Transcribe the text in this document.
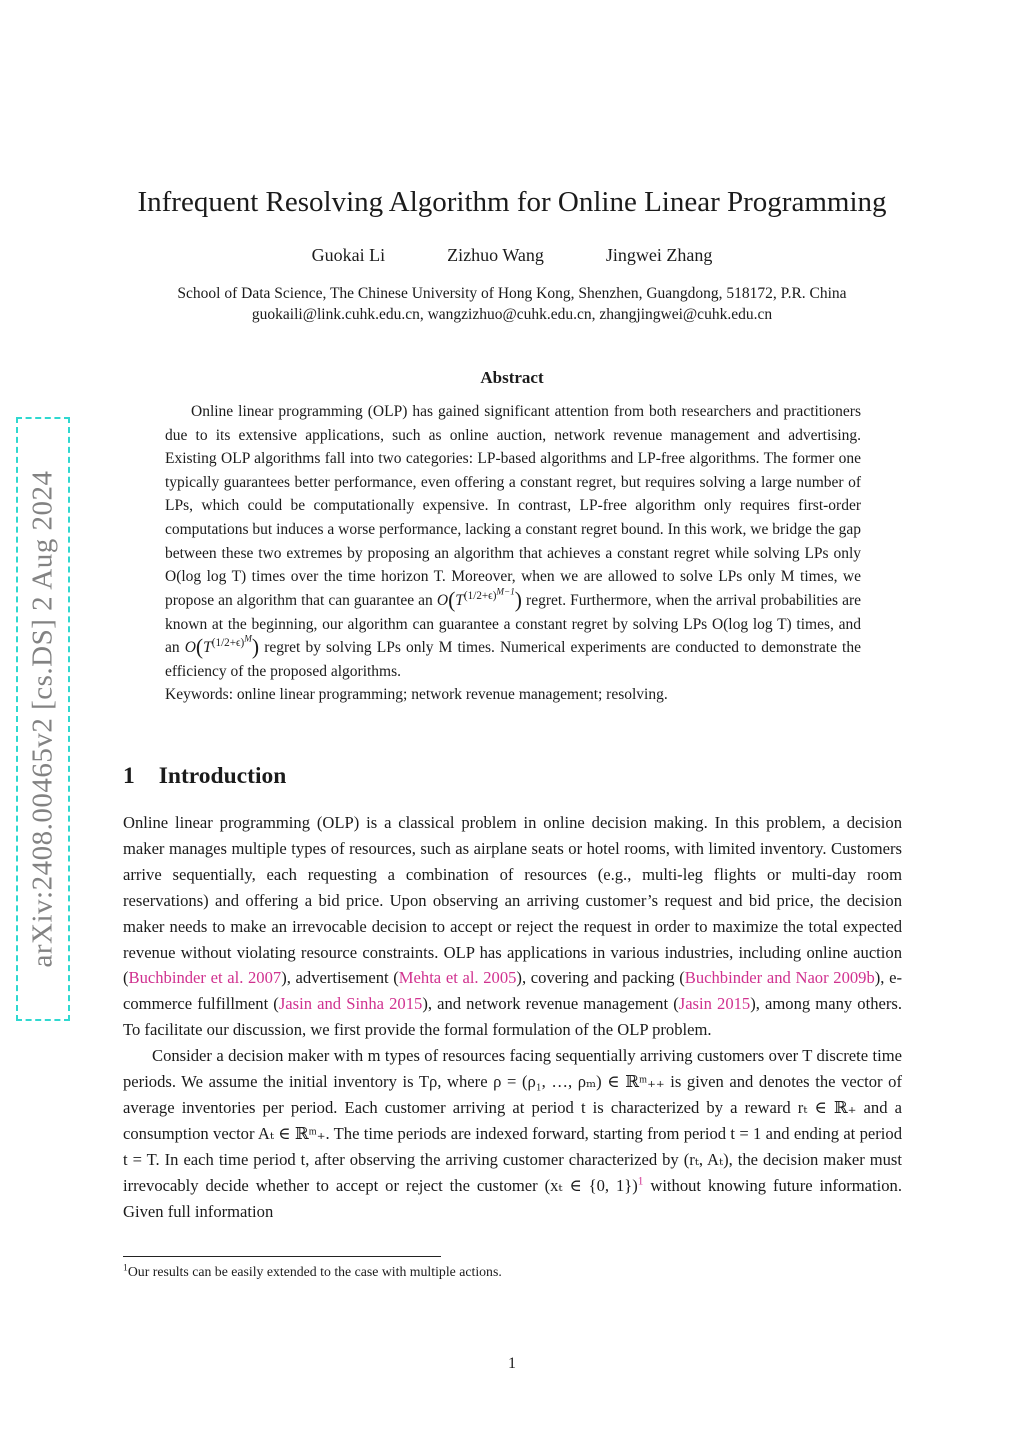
arXiv:2408.00465v2 [cs.DS] 2 Aug 2024
Infrequent Resolving Algorithm for Online Linear Programming
Guokai Li	Zizhuo Wang	Jingwei Zhang
School of Data Science, The Chinese University of Hong Kong, Shenzhen, Guangdong, 518172, P.R. China
guokaili@link.cuhk.edu.cn, wangzizhuo@cuhk.edu.cn, zhangjingwei@cuhk.edu.cn
Abstract

Online linear programming (OLP) has gained significant attention from both researchers and practitioners due to its extensive applications, such as online auction, network revenue management and advertising. Existing OLP algorithms fall into two categories: LP-based algorithms and LP-free algorithms. The former one typically guarantees better performance, even offering a constant regret, but requires solving a large number of LPs, which could be computationally expensive. In contrast, LP-free algorithm only requires first-order computations but induces a worse performance, lacking a constant regret bound. In this work, we bridge the gap between these two extremes by proposing an algorithm that achieves a constant regret while solving LPs only O(log log T) times over the time horizon T. Moreover, when we are allowed to solve LPs only M times, we propose an algorithm that can guarantee an $O(T^{(1/2+\epsilon)^{M-1}})$ regret. Furthermore, when the arrival probabilities are known at the beginning, our algorithm can guarantee a constant regret by solving LPs O(log log T) times, and an $O(T^{(1/2+\epsilon)^M})$ regret by solving LPs only M times. Numerical experiments are conducted to demonstrate the efficiency of the proposed algorithms.

Keywords: online linear programming; network revenue management; resolving.

1 Introduction

Online linear programming (OLP) is a classical problem in online decision making. In this problem, a decision maker manages multiple types of resources, such as airplane seats or hotel rooms, with limited inventory. Customers arrive sequentially, each requesting a combination of resources (e.g., multi-leg flights or multi-day room reservations) and offering a bid price. Upon observing an arriving customer’s request and bid price, the decision maker needs to make an irrevocable decision to accept or reject the request in order to maximize the total expected revenue without violating resource constraints. OLP has applications in various industries, including online auction (Buchbinder et al. 2007), advertisement (Mehta et al. 2005), covering and packing (Buchbinder and Naor 2009b), e-commerce fulfillment (Jasin and Sinha 2015), and network revenue management (Jasin 2015), among many others. To facilitate our discussion, we first provide the formal formulation of the OLP problem.

Consider a decision maker with m types of resources facing sequentially arriving customers over T discrete time periods. We assume the initial inventory is Tρ, where ρ = (ρ₁, …, ρₘ) ∈ ℝᵐ₊₊ is given and denotes the vector of average inventories per period. Each customer arriving at period t is characterized by a reward rₜ ∈ ℝ₊ and a consumption vector Aₜ ∈ ℝᵐ₊. The time periods are indexed forward, starting from period t = 1 and ending at period t = T. In each time period t, after observing the arriving customer characterized by (rₜ, Aₜ), the decision maker must irrevocably decide whether to accept or reject the customer (xₜ ∈ {0, 1})$^1$ without knowing future information. Given full information

$^1$Our results can be easily extended to the case with multiple actions.
1
